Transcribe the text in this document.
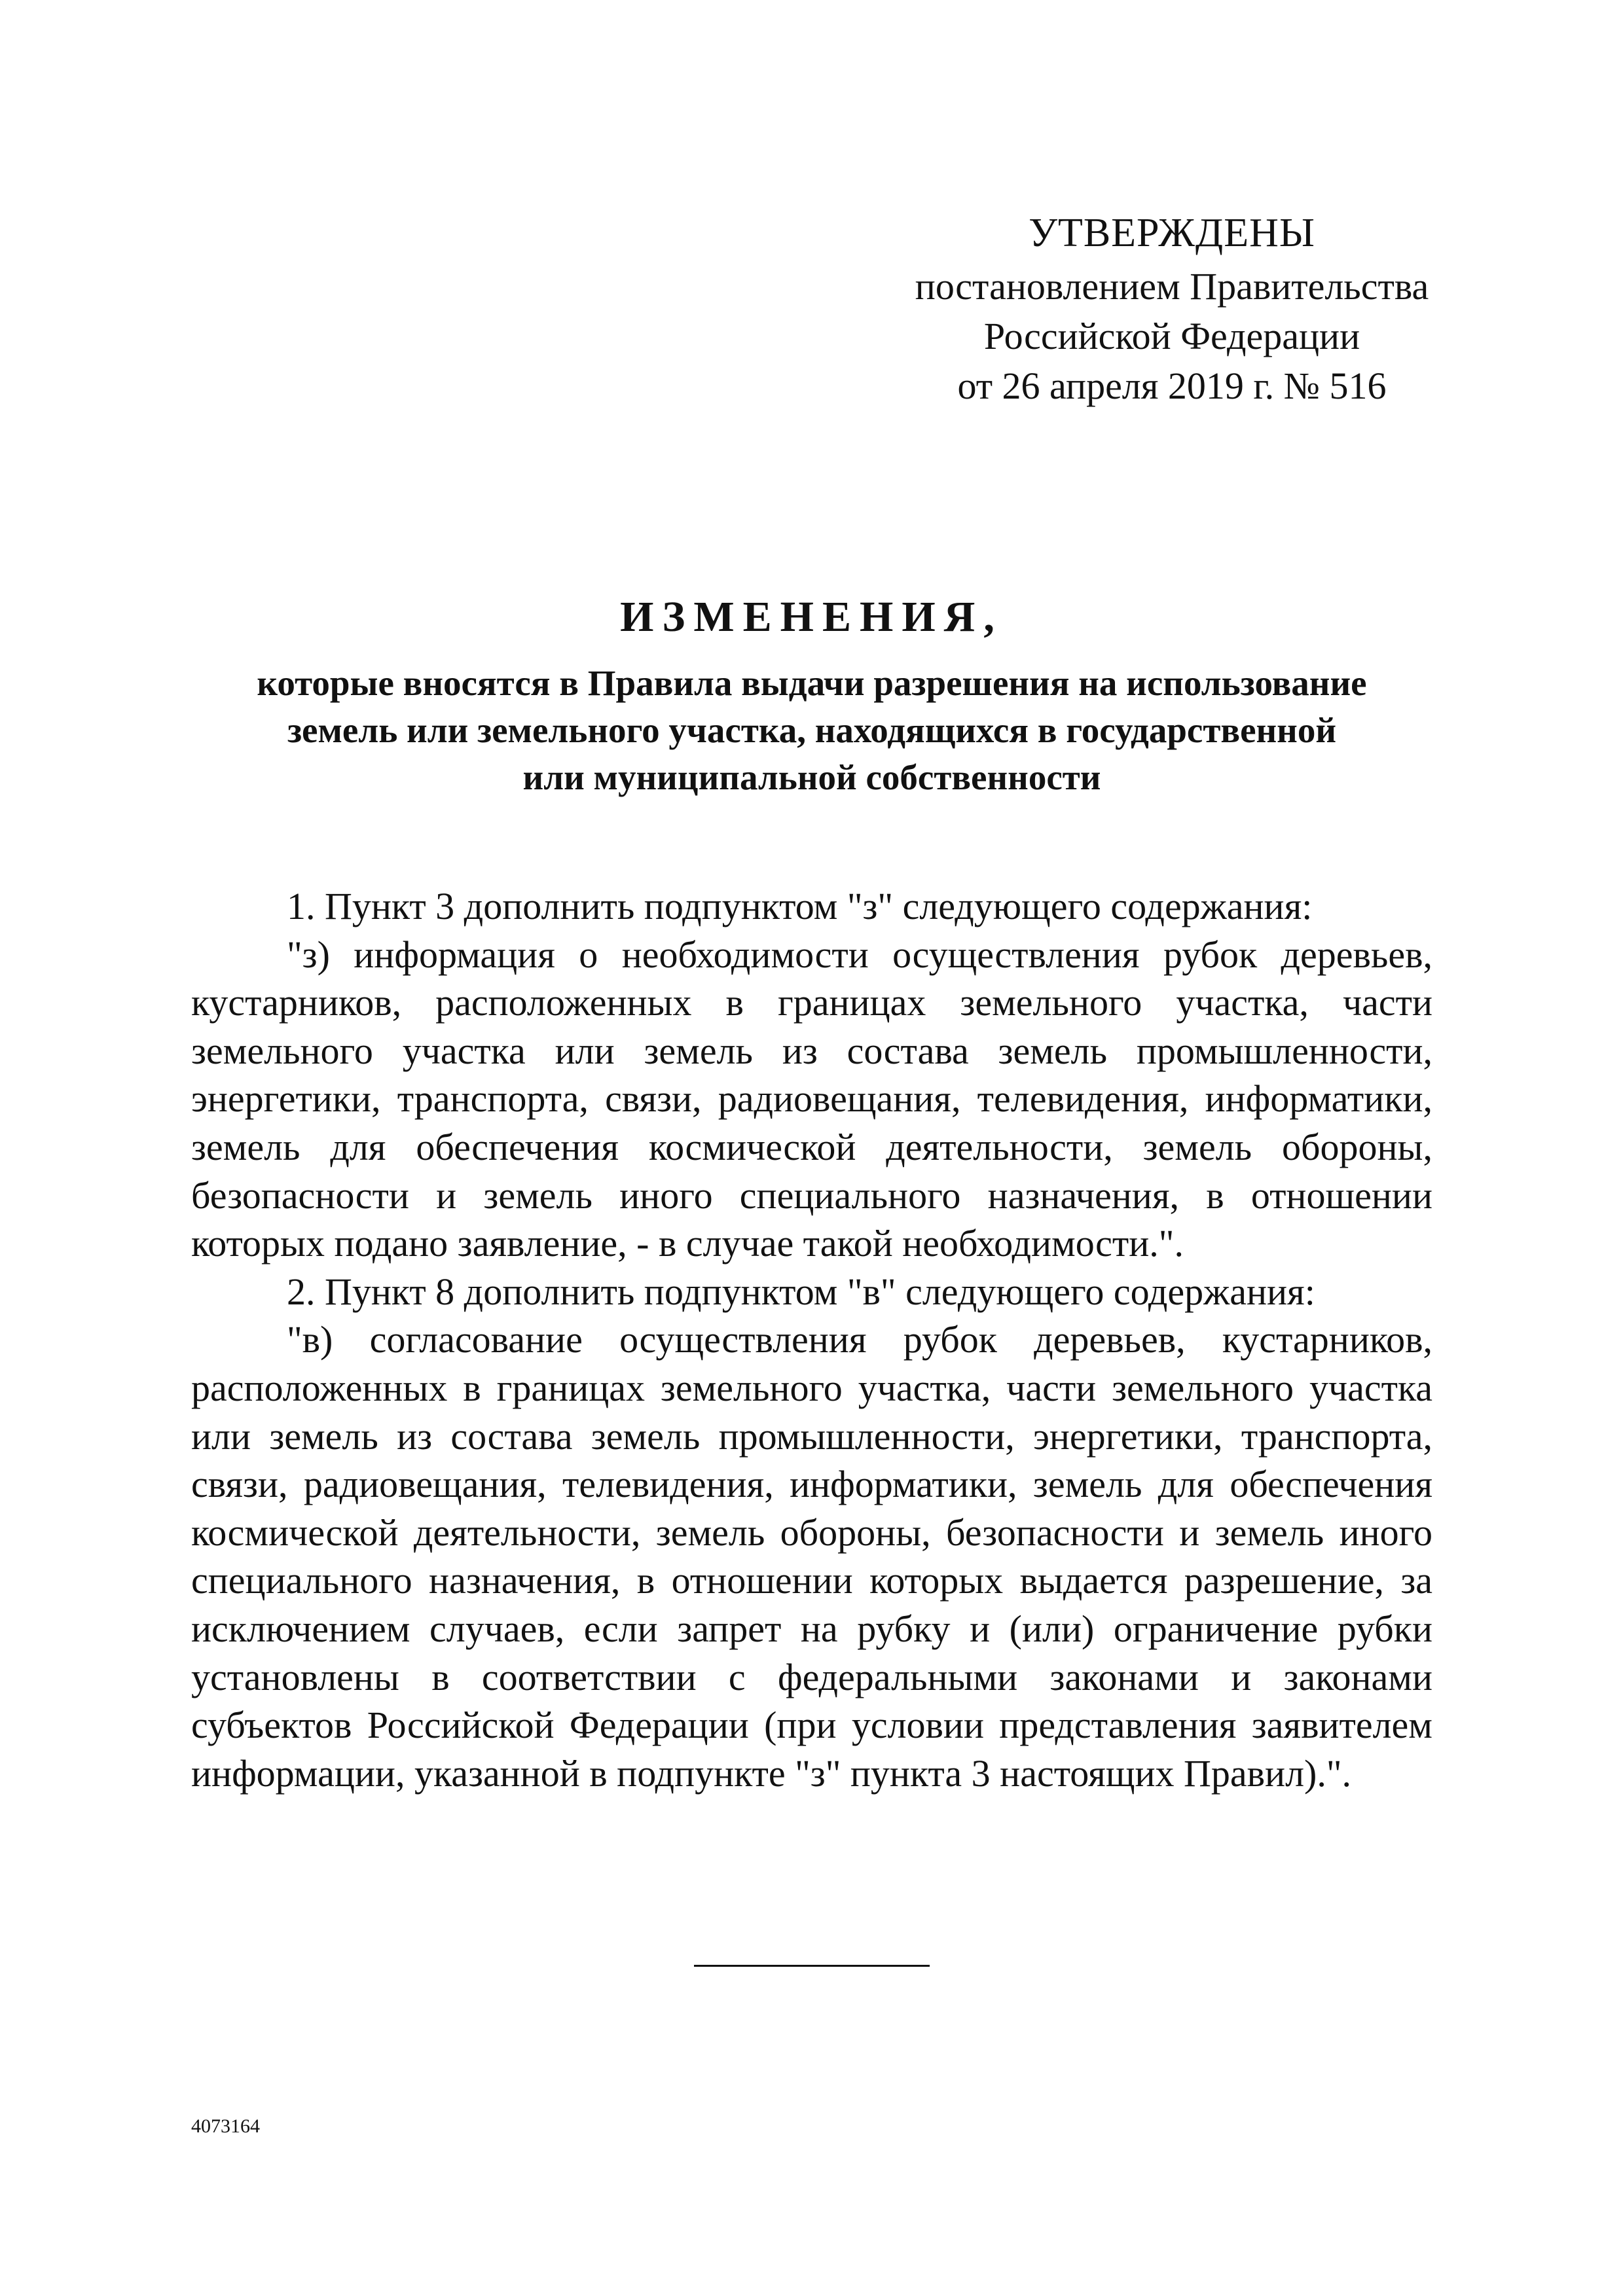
УТВЕРЖДЕНЫ
постановлением Правительства
Российской Федерации
от 26 апреля 2019 г. № 516
ИЗМЕНЕНИЯ,
которые вносятся в Правила выдачи разрешения на использование
земель или земельного участка, находящихся в государственной
или муниципальной собственности

1. Пункт 3 дополнить подпунктом "з" следующего содержания:

"з) информация о необходимости осуществления рубок деревьев, кустарников, расположенных в границах земельного участка, части земельного участка или земель из состава земель промышленности, энергетики, транспорта, связи, радиовещания, телевидения, информатики, земель для обеспечения космической деятельности, земель обороны, безопасности и земель иного специального назначения, в отношении которых подано заявление, - в случае такой необходимости.".

2. Пункт 8 дополнить подпунктом "в" следующего содержания:

"в) согласование осуществления рубок деревьев, кустарников, расположенных в границах земельного участка, части земельного участка или земель из состава земель промышленности, энергетики, транспорта, связи, радиовещания, телевидения, информатики, земель для обеспечения космической деятельности, земель обороны, безопасности и земель иного специального назначения, в отношении которых выдается разрешение, за исключением случаев, если запрет на рубку и (или) ограничение рубки установлены в соответствии с федеральными законами и законами субъектов Российской Федерации (при условии представления заявителем информации, указанной в подпункте "з" пункта 3 настоящих Правил).".

4073164
